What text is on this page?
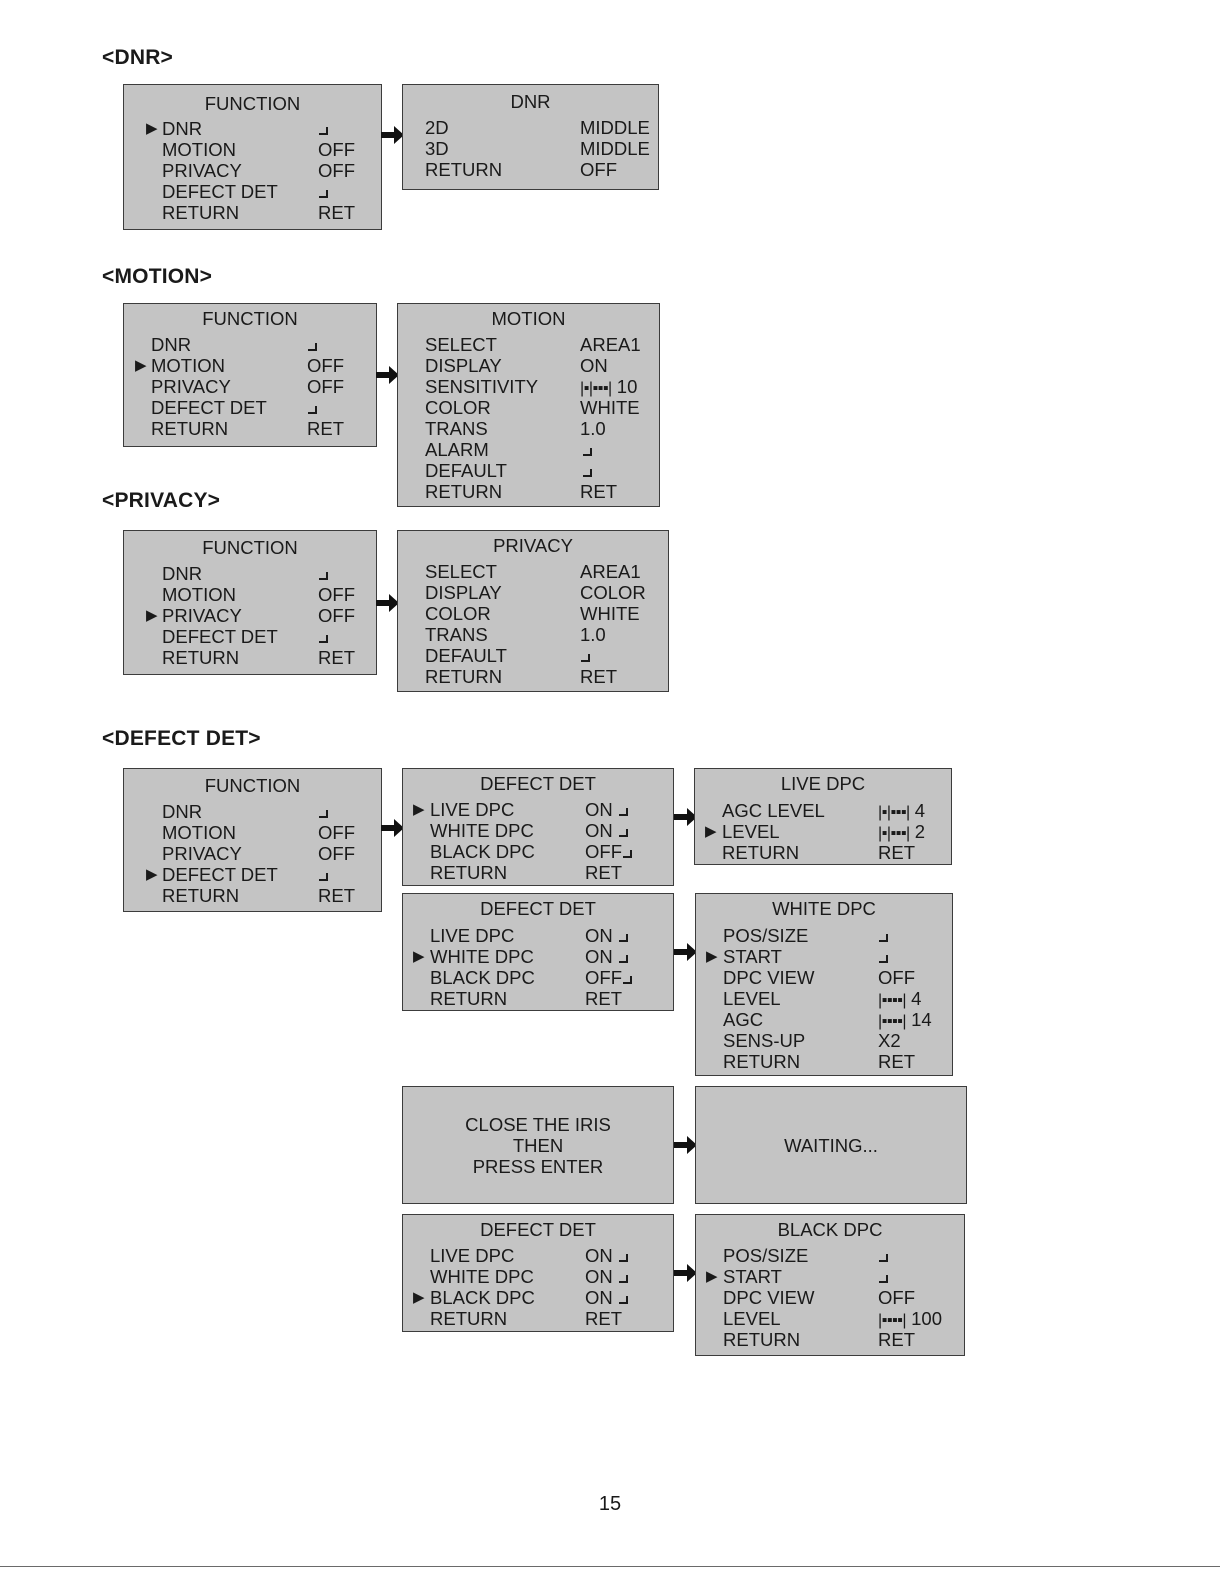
<DNR>
<MOTION>
<PRIVACY>
<DEFECT DET>
FUNCTION
▶ DNR
MOTION	OFF
PRIVACY	OFF
DEFECT DET
RETURN	RET
DNR
2D	MIDDLE
3D	MIDDLE
RETURN	OFF
FUNCTION
DNR
▶ MOTION	OFF
PRIVACY	OFF
DEFECT DET
RETURN	RET
MOTION
SELECT	AREA1
DISPLAY	ON
SENSITIVITY	|▪|▪▪▪| 10
COLOR	WHITE
TRANS	1.0
ALARM
DEFAULT
RETURN	RET
FUNCTION
DNR
MOTION	OFF
▶ PRIVACY	OFF
DEFECT DET
RETURN	RET
PRIVACY
SELECT	AREA1
DISPLAY	COLOR
COLOR	WHITE
TRANS	1.0
DEFAULT
RETURN	RET
FUNCTION
DNR
MOTION	OFF
PRIVACY	OFF
▶ DEFECT DET
RETURN	RET
DEFECT DET
▶ LIVE DPC	ON
WHITE DPC	ON
BLACK DPC	OFF
RETURN	RET
LIVE DPC
AGC LEVEL	|▪|▪▪▪| 4
▶ LEVEL	|▪|▪▪▪| 2
RETURN	RET
DEFECT DET
LIVE DPC	ON
▶ WHITE DPC	ON
BLACK DPC	OFF
RETURN	RET
WHITE DPC
POS/SIZE
▶ START
DPC VIEW	OFF
LEVEL	|▪▪▪▪| 4
AGC	|▪▪▪▪| 14
SENS-UP	X2
RETURN	RET
CLOSE THE IRIS
THEN
PRESS ENTER
WAITING...
DEFECT DET
LIVE DPC	ON
WHITE DPC	ON
▶ BLACK DPC	ON
RETURN	RET
BLACK DPC
POS/SIZE
▶ START
DPC VIEW	OFF
LEVEL	|▪▪▪▪| 100
RETURN	RET
15
